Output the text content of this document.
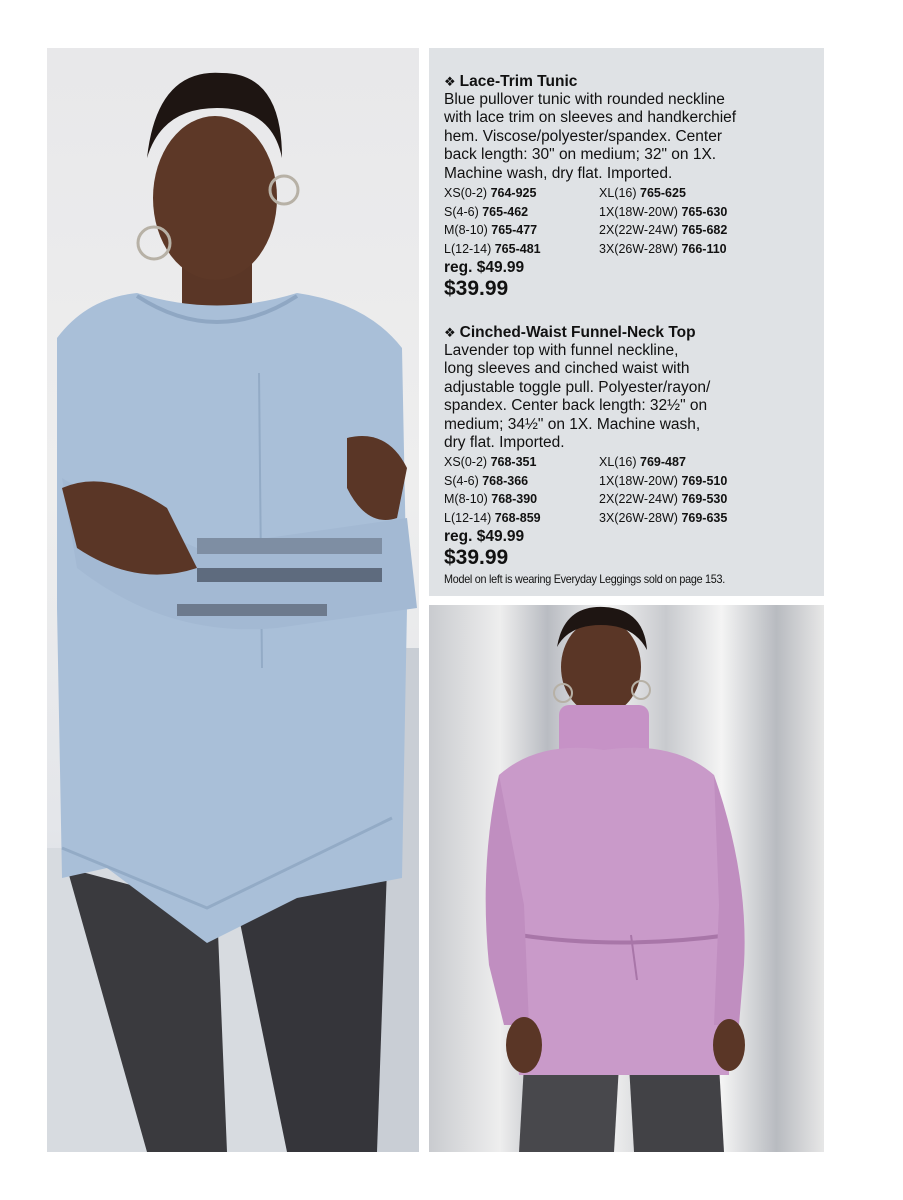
❖ Lace-Trim Tunic

Blue pullover tunic with rounded neckline
with lace trim on sleeves and handkerchief
hem. Viscose/polyester/spandex. Center
back length: 30" on medium; 32" on 1X.
Machine wash, dry flat. Imported.

XS(0-2) 764-925	XL(16) 765-625
S(4-6) 765-462	1X(18W-20W) 765-630
M(8-10) 765-477	2X(22W-24W) 765-682
L(12-14) 765-481	3X(26W-28W) 766-110
reg. $49.99
$39.99

❖ Cinched-Waist Funnel-Neck Top

Lavender top with funnel neckline,
long sleeves and cinched waist with
adjustable toggle pull. Polyester/rayon/
spandex. Center back length: 32½" on
medium; 34½" on 1X. Machine wash,
dry flat. Imported.

XS(0-2) 768-351	XL(16) 769-487
S(4-6) 768-366	1X(18W-20W) 769-510
M(8-10) 768-390	2X(22W-24W) 769-530
L(12-14) 768-859	3X(26W-28W) 769-635
reg. $49.99
$39.99
Model on left is wearing Everyday Leggings sold on page 153.
